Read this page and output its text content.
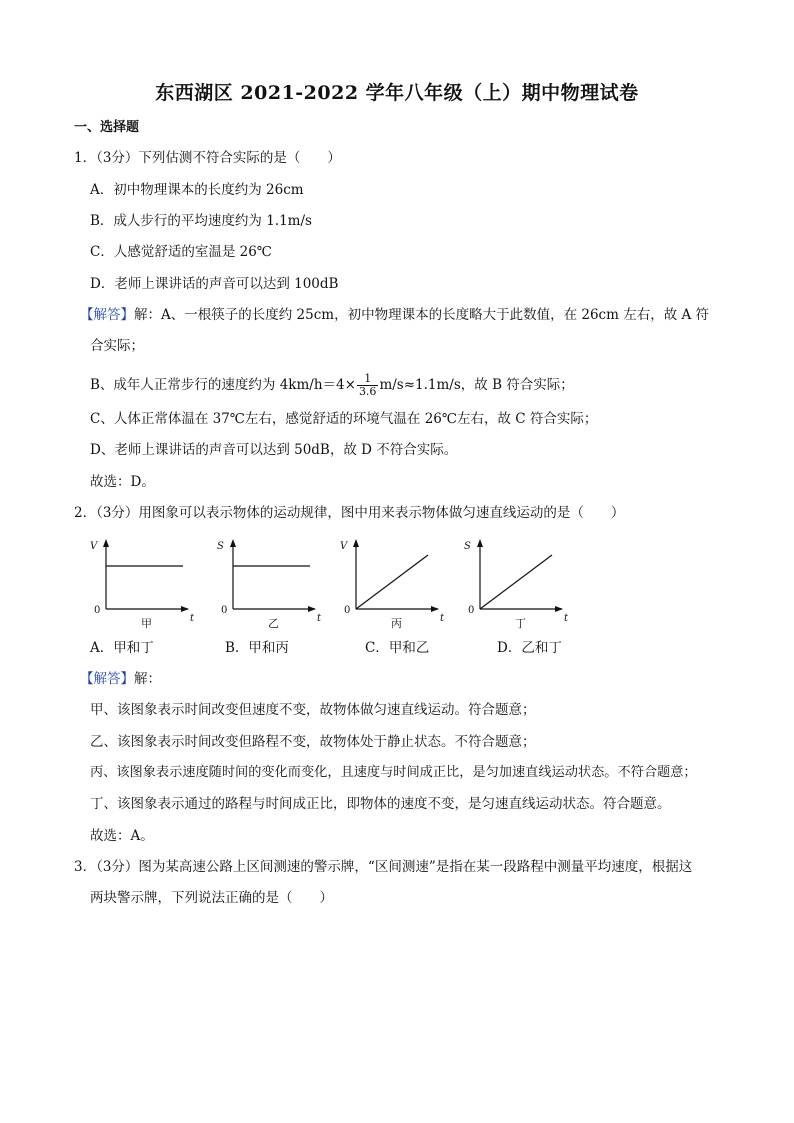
东西湖区 2021-2022 学年八年级（上）期中物理试卷
一、选择题
1．（3分）下列估测不符合实际的是（　　）
A．初中物理课本的长度约为 26cm
B．成人步行的平均速度约为 1.1m/s
C．人感觉舒适的室温是 26℃
D．老师上课讲话的声音可以达到 100dB
【解答】解：A、一根筷子的长度约 25cm，初中物理课本的长度略大于此数值，在 26cm 左右，故 A 符
合实际；
B、成年人正常步行的速度约为 $4km/h=4\times \frac{1}{3.6} m/s\approx 1.1m/s$，故 B 符合实际；
C、人体正常体温在 37℃左右，感觉舒适的环境气温在 26℃左右，故 C 符合实际；
D、老师上课讲话的声音可以达到 50dB，故 D 不符合实际。
故选：D。
2．（3分）用图象可以表示物体的运动规律，图中用来表示物体做匀速直线运动的是（　　）
V
t
0
甲
S
t
0
乙
V
t
0
丙
S
t
0
丁
A．甲和丁	B．甲和丙	C．甲和乙	D．乙和丁
【解答】解：
甲、该图象表示时间改变但速度不变，故物体做匀速直线运动。符合题意；
乙、该图象表示时间改变但路程不变，故物体处于静止状态。不符合题意；
丙、该图象表示速度随时间的变化而变化，且速度与时间成正比，是匀加速直线运动状态。不符合题意；
丁、该图象表示通过的路程与时间成正比，即物体的速度不变，是匀速直线运动状态。符合题意。
故选：A。
3．（3分）图为某高速公路上区间测速的警示牌，“区间测速”是指在某一段路程中测量平均速度，根据这
两块警示牌，下列说法正确的是（　　）
